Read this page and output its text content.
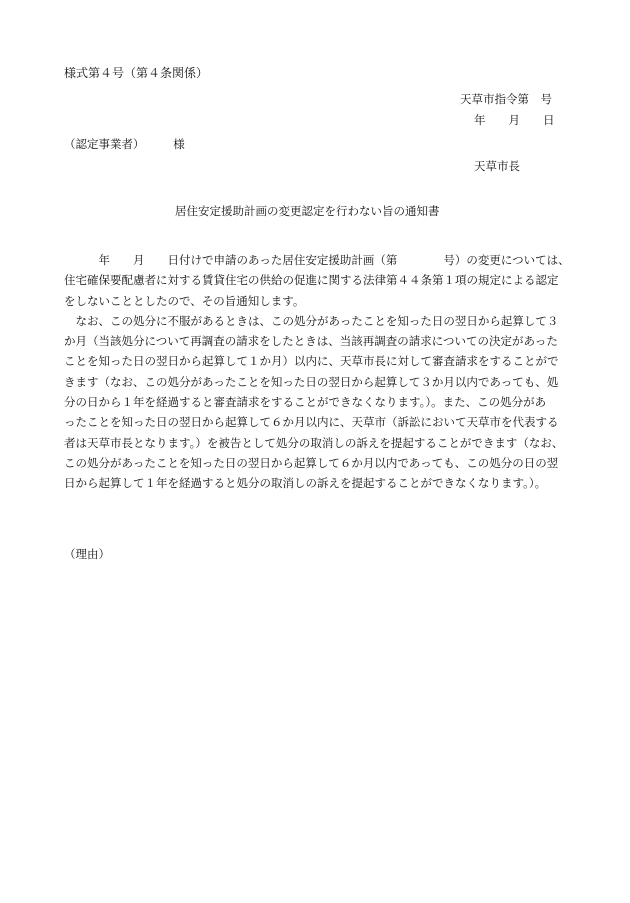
様式第４号（第４条関係）
天草市指令第　号
年　　月　　日
（認定事業者）　　　様
天草市長
居住安定援助計画の変更認定を行わない旨の通知書

　　　年　　月　　日付けで申請のあった居住安定援助計画（第　　　　号）の変更については、

住宅確保要配慮者に対する賃貸住宅の供給の促進に関する法律第４４条第１項の規定による認定

をしないこととしたので、その旨通知します。

　なお、この処分に不服があるときは、この処分があったことを知った日の翌日から起算して３

か月（当該処分について再調査の請求をしたときは、当該再調査の請求についての決定があった

ことを知った日の翌日から起算して１か月）以内に、天草市長に対して審査請求をすることがで

きます（なお、この処分があったことを知った日の翌日から起算して３か月以内であっても、処

分の日から１年を経過すると審査請求をすることができなくなります。）。また、この処分があ

ったことを知った日の翌日から起算して６か月以内に、天草市（訴訟において天草市を代表する

者は天草市長となります。）を被告として処分の取消しの訴えを提起することができます（なお、

この処分があったことを知った日の翌日から起算して６か月以内であっても、この処分の日の翌

日から起算して１年を経過すると処分の取消しの訴えを提起することができなくなります。）。

（理由）
